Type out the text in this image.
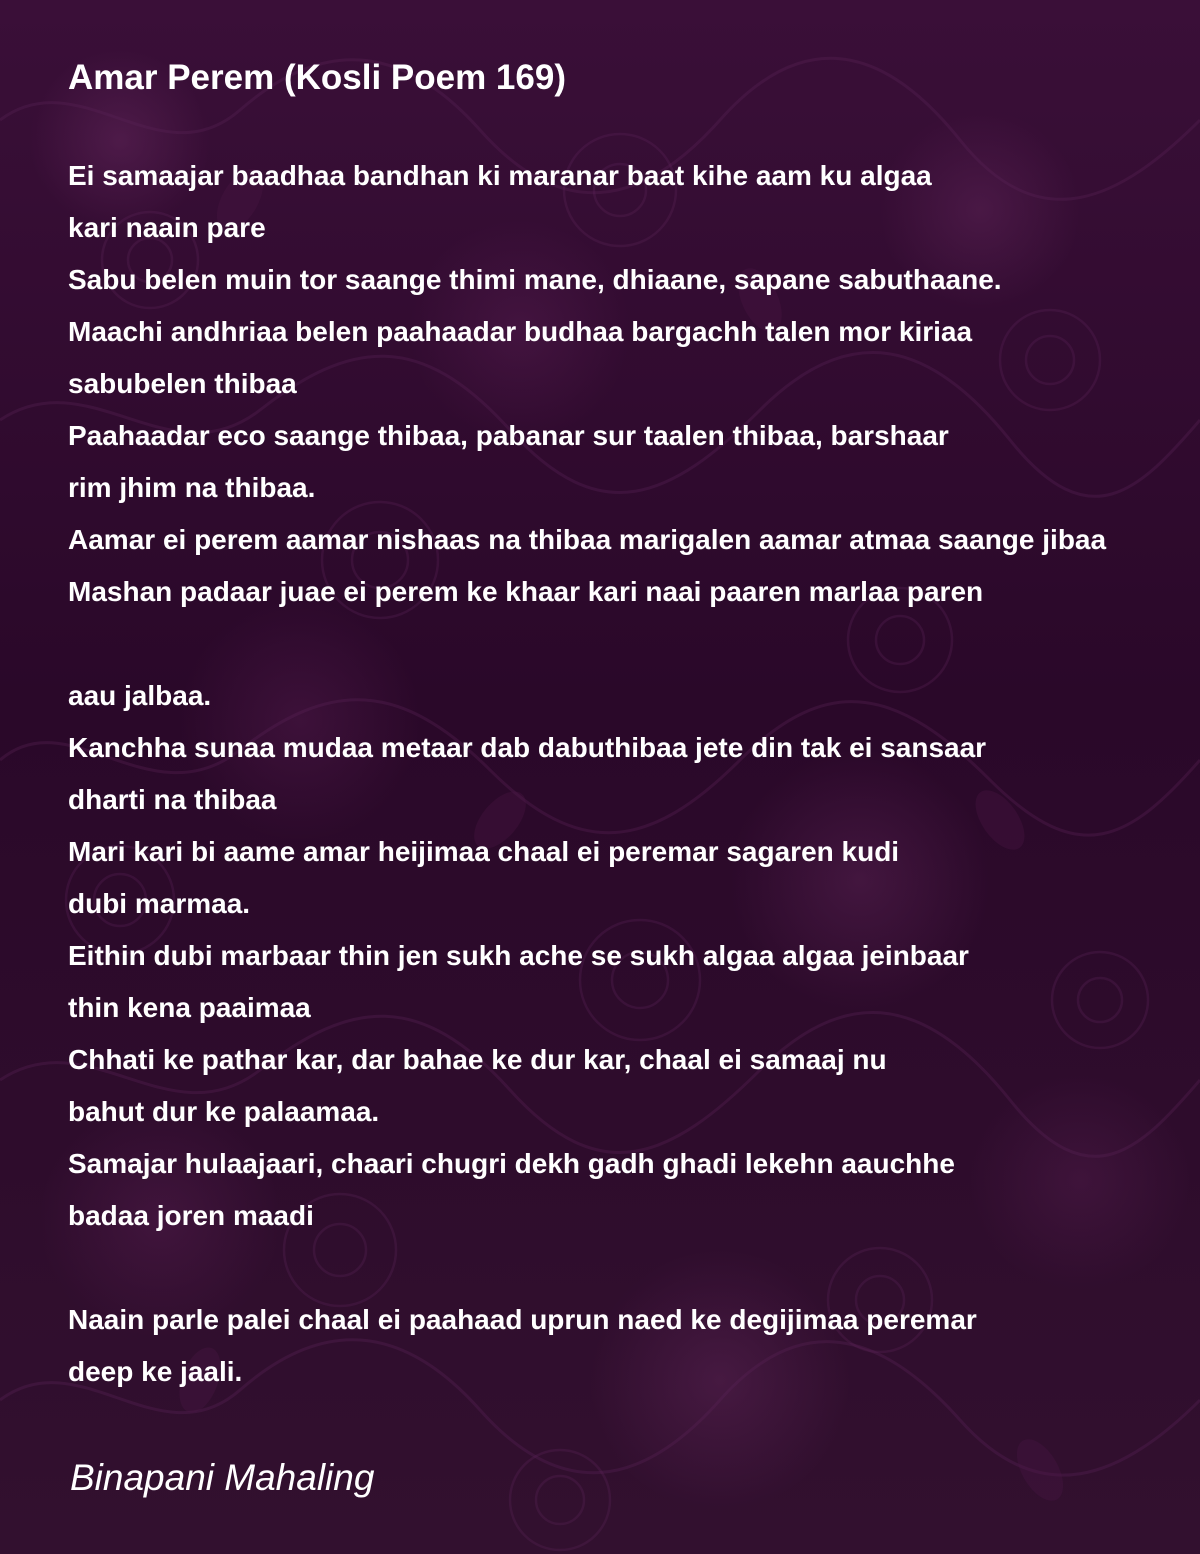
Amar Perem (Kosli Poem 169)
Ei samaajar baadhaa bandhan ki maranar baat kihe aam ku algaa
kari naain pare
Sabu belen muin tor saange thimi mane, dhiaane, sapane sabuthaane.
Maachi andhriaa belen paahaadar budhaa bargachh talen mor kiriaa
sabubelen thibaa
Paahaadar eco saange thibaa, pabanar sur taalen thibaa, barshaar
rim jhim na thibaa.
Aamar ei perem aamar nishaas na thibaa marigalen aamar atmaa saange jibaa
Mashan padaar juae ei perem ke khaar kari naai paaren marlaa paren
aau jalbaa.
Kanchha sunaa mudaa metaar dab dabuthibaa jete din tak ei sansaar
dharti na thibaa
Mari kari bi aame amar heijimaa chaal ei peremar sagaren kudi
dubi marmaa.
Eithin dubi marbaar thin jen sukh ache se sukh algaa algaa jeinbaar
thin kena paaimaa
Chhati ke pathar kar, dar bahae ke dur kar, chaal ei samaaj nu
bahut dur ke palaamaa.
Samajar hulaajaari, chaari chugri dekh gadh ghadi lekehn aauchhe
badaa joren maadi
Naain parle palei chaal ei paahaad uprun naed ke degijimaa peremar
deep ke jaali.
Binapani Mahaling
